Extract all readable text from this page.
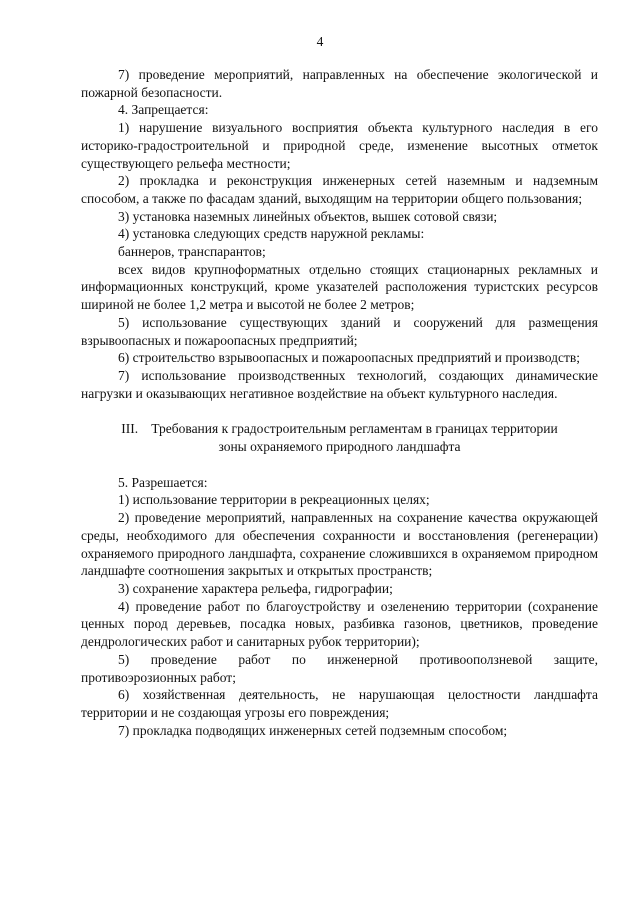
4

7) проведение мероприятий, направленных на обеспечение экологической и пожарной безопасности.

4. Запрещается:

1) нарушение визуального восприятия объекта культурного наследия в его историко-градостроительной и природной среде, изменение высотных отметок существующего рельефа местности;

2) прокладка и реконструкция инженерных сетей наземным и надземным способом, а также по фасадам зданий, выходящим на территории общего пользования;

3) установка наземных линейных объектов, вышек сотовой связи;

4) установка следующих средств наружной рекламы:

баннеров, транспарантов;

всех видов крупноформатных отдельно стоящих стационарных рекламных и информационных конструкций, кроме указателей расположения туристских ресурсов шириной не более 1,2 метра и высотой не более 2 метров;

5) использование существующих зданий и сооружений для размещения взрывоопасных и пожароопасных предприятий;

6) строительство взрывоопасных и пожароопасных предприятий и производств;

7) использование производственных технологий, создающих динамические нагрузки и оказывающих негативное воздействие на объект культурного наследия.

III. Требования к градостроительным регламентам в границах территории

зоны охраняемого природного ландшафта

5. Разрешается:

1) использование территории в рекреационных целях;

2) проведение мероприятий, направленных на сохранение качества окружающей среды, необходимого для обеспечения сохранности и восстановления (регенерации) охраняемого природного ландшафта, сохранение сложившихся в охраняемом природном ландшафте соотношения закрытых и открытых пространств;

3) сохранение характера рельефа, гидрографии;

4) проведение работ по благоустройству и озеленению территории (сохранение ценных пород деревьев, посадка новых, разбивка газонов, цветников, проведение дендрологических работ и санитарных рубок территории);

5) проведение работ по инженерной противооползневой защите, противоэрозионных работ;

6) хозяйственная деятельность, не нарушающая целостности ландшафта территории и не создающая угрозы его повреждения;

7) прокладка подводящих инженерных сетей подземным способом;
